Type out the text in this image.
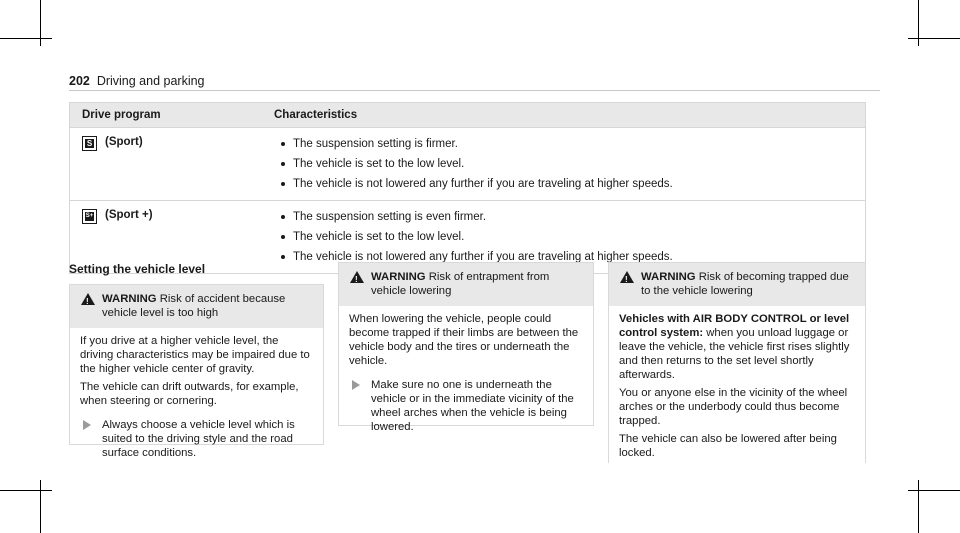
202 Driving and parking
Drive program	Characteristics
S (Sport)	The suspension setting is firmer.
The vehicle is set to the low level.
The vehicle is not lowered any further if you are traveling at higher speeds.
S+ (Sport +)	The suspension setting is even firmer.
The vehicle is set to the low level.
The vehicle is not lowered any further if you are traveling at higher speeds.
Setting the vehicle level
!
WARNING Risk of accident because vehicle level is too high

If you drive at a higher vehicle level, the driving characteristics may be impaired due to the higher vehicle center of gravity.

The vehicle can drift outwards, for example, when steering or cornering.

Always choose a vehicle level which is suited to the driving style and the road surface conditions.
!
WARNING Risk of entrapment from vehicle lowering

When lowering the vehicle, people could become trapped if their limbs are between the vehicle body and the tires or underneath the vehicle.

Make sure no one is underneath the vehicle or in the immediate vicinity of the wheel arches when the vehicle is being lowered.
!
WARNING Risk of becoming trapped due to the vehicle lowering

Vehicles with AIR BODY CONTROL or level control system: when you unload luggage or leave the vehicle, the vehicle first rises slightly and then returns to the set level shortly afterwards.

You or anyone else in the vicinity of the wheel arches or the underbody could thus become trapped.

The vehicle can also be lowered after being locked.
